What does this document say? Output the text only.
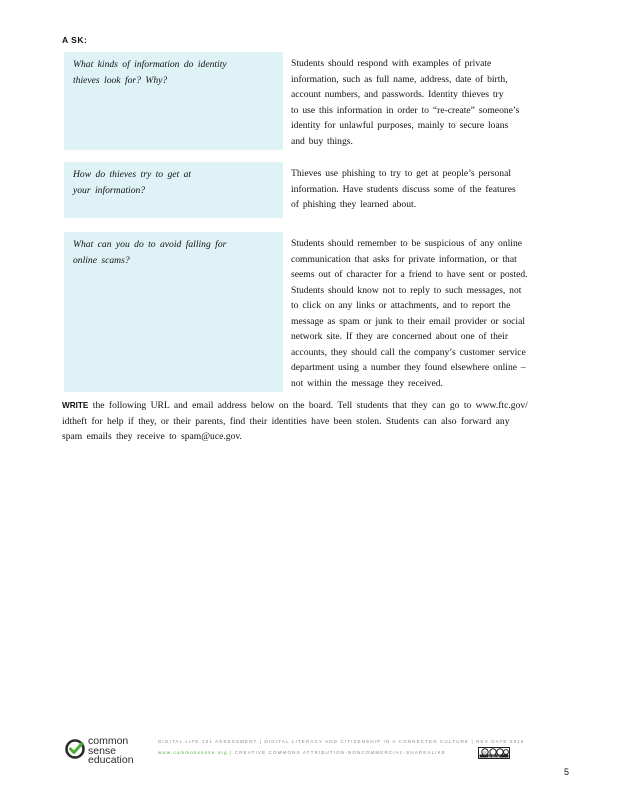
A SK:
What kinds of information do identity
thieves look for? Why?
Students should respond with examples of private
information, such as full name, address, date of birth,
account numbers, and passwords. Identity thieves try
to use this information in order to “re-create” someone’s
identity for unlawful purposes, mainly to secure loans
and buy things.
How do thieves try to get at
your information?
Thieves use phishing to try to get at people’s personal
information. Have students discuss some of the features
of phishing they learned about.
What can you do to avoid falling for
online scams?
Students should remember to be suspicious of any online
communication that asks for private information, or that
seems out of character for a friend to have sent or posted.
Students should know not to reply to such messages, not
to click on any links or attachments, and to report the
message as spam or junk to their email provider or social
network site. If they are concerned about one of their
accounts, they should call the company’s customer service
department using a number they found elsewhere online –
not within the message they received.
WRITE the following URL and email address below on the board. Tell students that they can go to www.ftc.gov/
idtheft for help if they, or their parents, find their identities have been stolen. Students can also forward any
spam emails they receive to spam@uce.gov.
common
sense
education
DIGITAL LIFE 101 ASSESSMENT | DIGITAL LITERACY AND CITIZENSHIP IN A CONNECTED CULTURE | REV DATE 2015
www.commonsense.org | CREATIVE COMMONS ATTRIBUTION-NONCOMMERCIAL-SHAREALIKE	cc
BY NC SA
5
